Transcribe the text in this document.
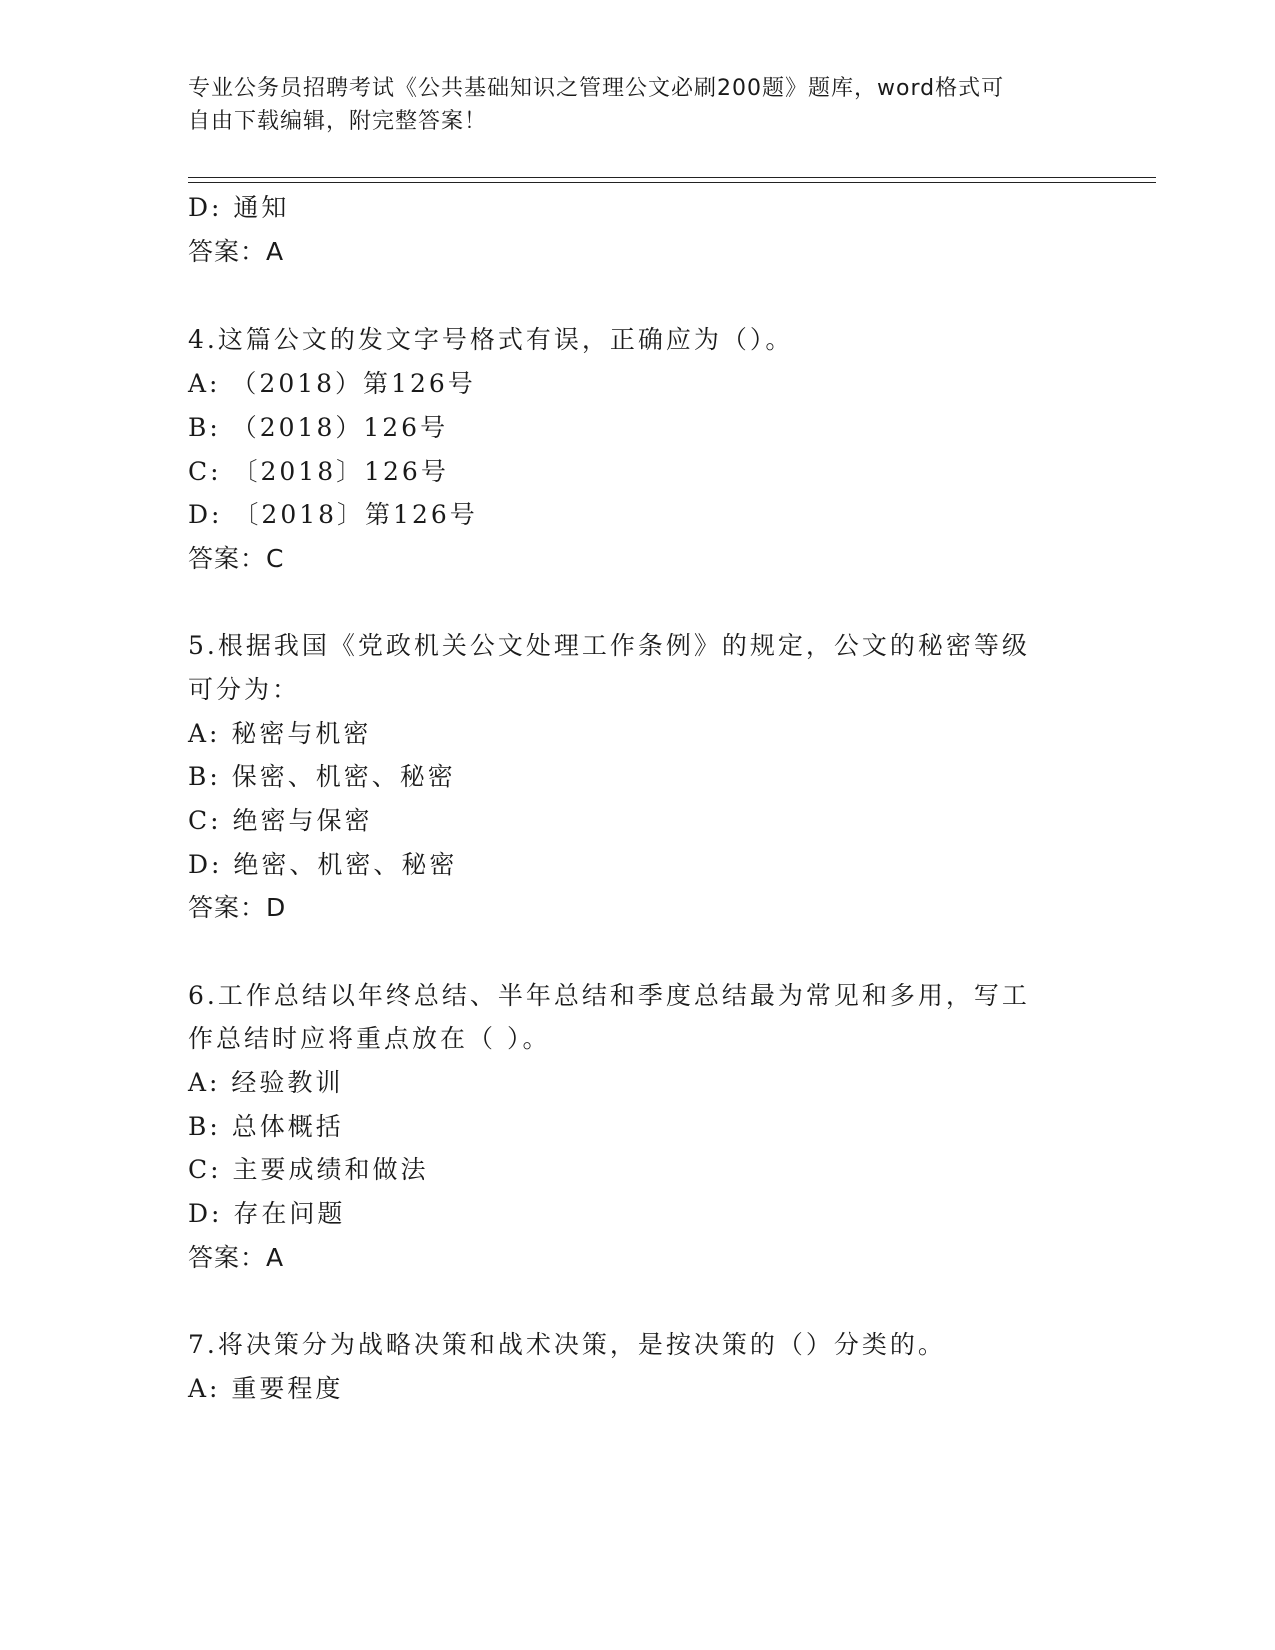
专业公务员招聘考试《公共基础知识之管理公文必刷200题》题库，word格式可
自由下载编辑，附完整答案！
D: 通知
答案：A
4.这篇公文的发文字号格式有误，正确应为（）。
A: （2018）第126号
B: （2018）126号
C: 〔2018〕126号
D: 〔2018〕第126号
答案：C
5.根据我国《党政机关公文处理工作条例》的规定，公文的秘密等级
可分为：
A: 秘密与机密
B: 保密、机密、秘密
C: 绝密与保密
D: 绝密、机密、秘密
答案：D
6.工作总结以年终总结、半年总结和季度总结最为常见和多用，写工
作总结时应将重点放在（ ）。
A: 经验教训
B: 总体概括
C: 主要成绩和做法
D: 存在问题
答案：A
7.将决策分为战略决策和战术决策，是按决策的（）分类的。
A: 重要程度
